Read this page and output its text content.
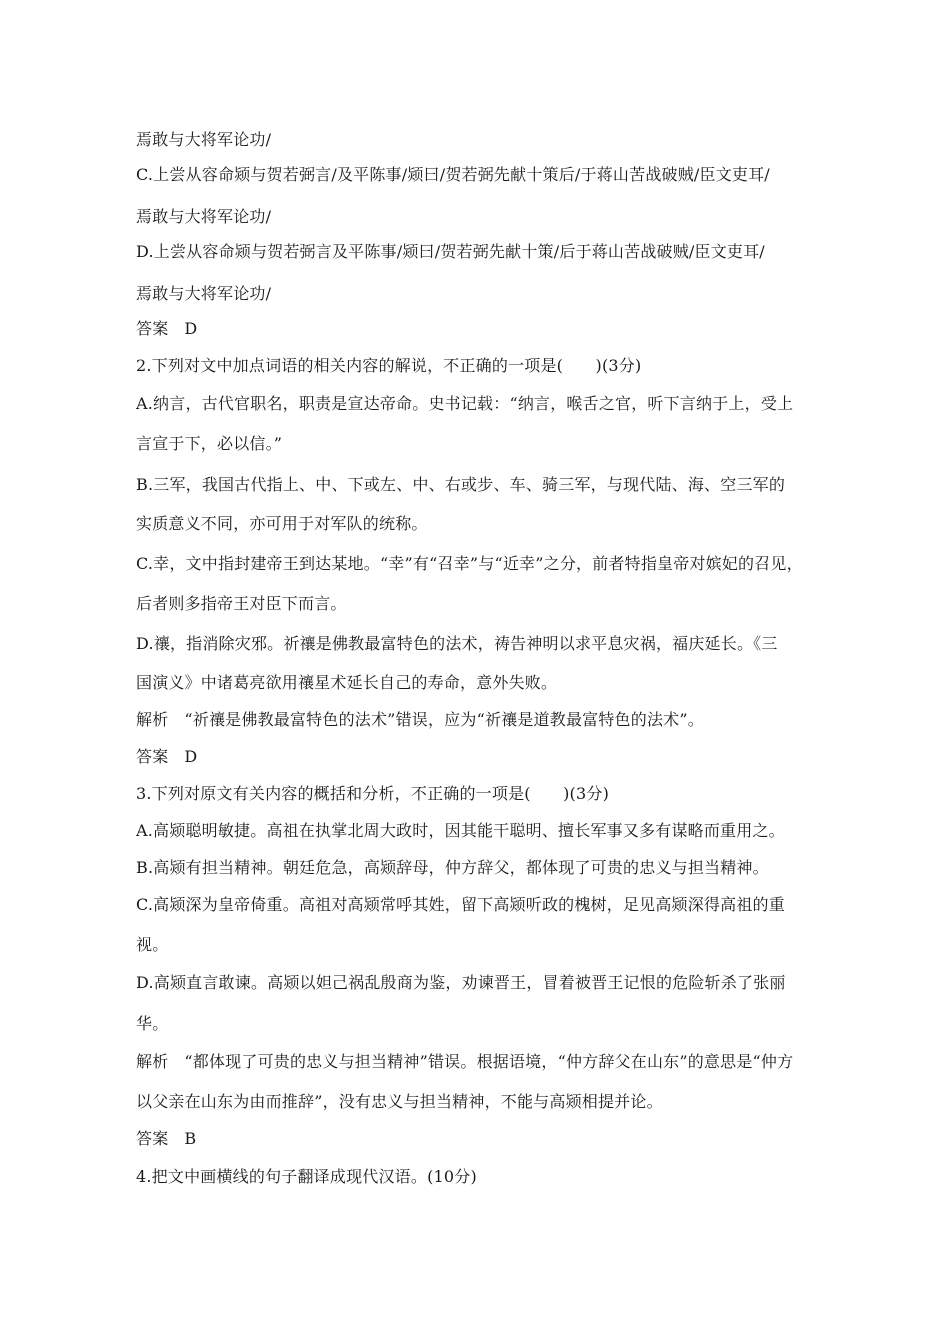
焉敢与大将军论功/
C.上尝从容命颎与贺若弼言/及平陈事/颎曰/贺若弼先献十策后/于蒋山苦战破贼/臣文吏耳/
焉敢与大将军论功/
D.上尝从容命颎与贺若弼言及平陈事/颎曰/贺若弼先献十策/后于蒋山苦战破贼/臣文吏耳/
焉敢与大将军论功/
答案 D
2.下列对文中加点词语的相关内容的解说，不正确的一项是(　　)(3分)
A.纳言，古代官职名，职责是宣达帝命。史书记载：“纳言，喉舌之官，听下言纳于上，受上
言宣于下，必以信。”
B.三军，我国古代指上、中、下或左、中、右或步、车、骑三军，与现代陆、海、空三军的
实质意义不同，亦可用于对军队的统称。
C.幸，文中指封建帝王到达某地。“幸”有“召幸”与“近幸”之分，前者特指皇帝对嫔妃的召见，
后者则多指帝王对臣下而言。
D.禳，指消除灾邪。祈禳是佛教最富特色的法术，祷告神明以求平息灾祸，福庆延长。《三
国演义》中诸葛亮欲用禳星术延长自己的寿命，意外失败。
解析 “祈禳是佛教最富特色的法术”错误，应为“祈禳是道教最富特色的法术”。
答案 D
3.下列对原文有关内容的概括和分析，不正确的一项是(　　)(3分)
A.高颎聪明敏捷。高祖在执掌北周大政时，因其能干聪明、擅长军事又多有谋略而重用之。
B.高颎有担当精神。朝廷危急，高颎辞母，仲方辞父，都体现了可贵的忠义与担当精神。
C.高颎深为皇帝倚重。高祖对高颎常呼其姓，留下高颎听政的槐树，足见高颎深得高祖的重
视。
D.高颎直言敢谏。高颎以妲己祸乱殷商为鉴，劝谏晋王，冒着被晋王记恨的危险斩杀了张丽
华。
解析 “都体现了可贵的忠义与担当精神”错误。根据语境，“仲方辞父在山东”的意思是“仲方
以父亲在山东为由而推辞”，没有忠义与担当精神，不能与高颎相提并论。
答案 B
4.把文中画横线的句子翻译成现代汉语。(10分)
